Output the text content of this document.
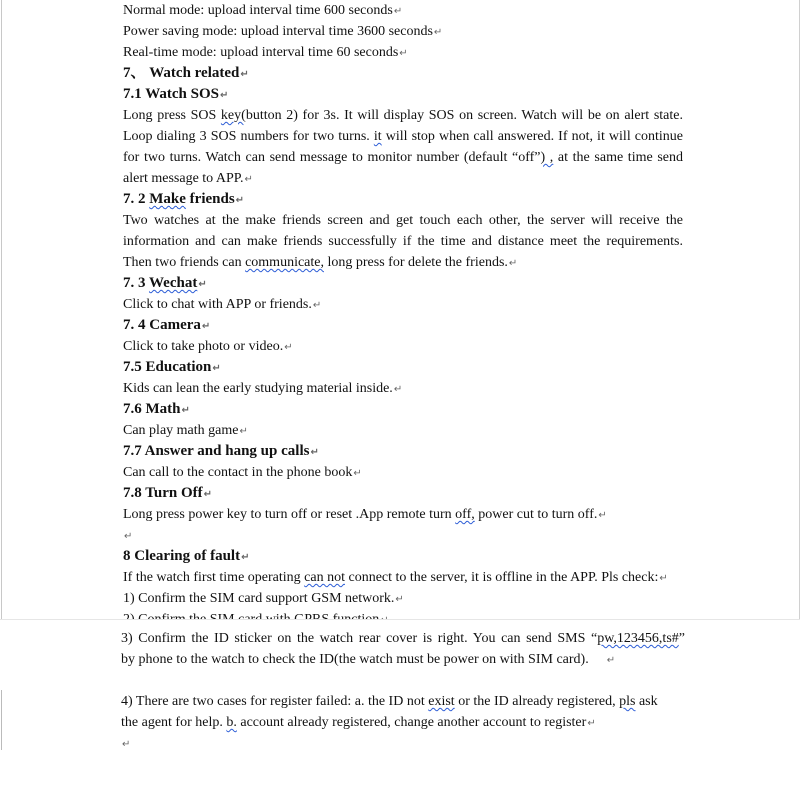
Normal mode: upload interval time 600 seconds↵
Power saving mode: upload interval time 3600 seconds↵
Real-time mode: upload interval time 60 seconds↵
7、 Watch related↵
7.1 Watch SOS↵
Long press SOS key(button 2) for 3s. It will display SOS on screen. Watch will be on alert state.
Loop dialing 3 SOS numbers for two turns. it will stop when call answered. If not, it will continue
for two turns. Watch can send message to monitor number (default “off”) , at the same time send
alert message to APP.↵
7. 2 Make friends↵
Two watches at the make friends screen and get touch each other, the server will receive the
information and can make friends successfully if the time and distance meet the requirements.
Then two friends can communicate, long press for delete the friends.↵
7. 3 Wechat↵
Click to chat with APP or friends.↵
7. 4 Camera↵
Click to take photo or video.↵
7.5 Education↵
Kids can lean the early studying material inside.↵
7.6 Math↵
Can play math game↵
7.7 Answer and hang up calls↵
Can call to the contact in the phone book↵
7.8 Turn Off↵
Long press power key to turn off or reset .App remote turn off, power cut to turn off.↵
↵
8 Clearing of fault↵
If the watch first time operating can not connect to the server, it is offline in the APP. Pls check:↵
1) Confirm the SIM card support GSM network.↵
3) Confirm the ID sticker on the watch rear cover is right. You can send SMS “pw,123456,ts#”
by phone to the watch to check the ID(the watch must be power on with SIM card). ↵
4) There are two cases for register failed: a. the ID not exist or the ID already registered, pls ask
the agent for help. b. account already registered, change another account to register↵
↵
